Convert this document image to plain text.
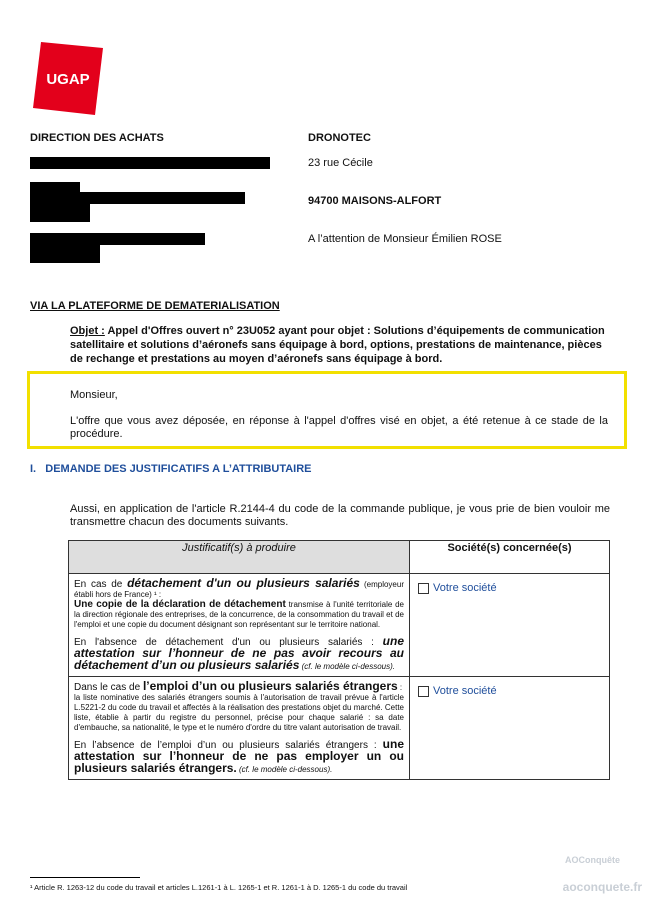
UGAP
DIRECTION DES ACHATS	DRONOTEC
23 rue Cécile
94700 MAISONS-ALFORT
A l’attention de Monsieur Émilien ROSE
VIA LA PLATEFORME DE DEMATERIALISATION
Objet : Appel d'Offres ouvert n° 23U052 ayant pour objet : Solutions d’équipements de communication satellitaire et solutions d’aéronefs sans équipage à bord, options, prestations de maintenance, pièces de rechange et prestations au moyen d’aéronefs sans équipage à bord.
Monsieur,
L'offre que vous avez déposée, en réponse à l'appel d'offres visé en objet, a été retenue à ce stade de la procédure.
I.   DEMANDE DES JUSTIFICATIFS A L’ATTRIBUTAIRE
Aussi, en application de l'article R.2144-4 du code de la commande publique, je vous prie de bien vouloir me transmettre chacun des documents suivants.
Justificatif(s) à produire	Société(s) concernée(s)

En cas de détachement d'un ou plusieurs salariés (employeur établi hors de France) ¹ :
Une copie de la déclaration de détachement transmise à l'unité territoriale de la direction régionale des entreprises, de la concurrence, de la consommation du travail et de l'emploi et une copie du document désignant son représentant sur le territoire national.
En l'absence de détachement d'un ou plusieurs salariés : une attestation sur l’honneur de ne pas avoir recours au détachement d’un ou plusieurs salariés (cf. le modèle ci-dessous).	Votre société

Dans le cas de l’emploi d’un ou plusieurs salariés étrangers :
la liste nominative des salariés étrangers soumis à l'autorisation de travail prévue à l'article L.5221-2 du code du travail et affectés à la réalisation des prestations objet du marché. Cette liste, établie à partir du registre du personnel, précise pour chaque salarié : sa date d'embauche, sa nationalité, le type et le numéro d'ordre du titre valant autorisation de travail.
En l’absence de l’emploi d’un ou plusieurs salariés étrangers : une attestation sur l’honneur de ne pas employer un ou plusieurs salariés étrangers. (cf. le modèle ci-dessous).	Votre société
¹ Article R. 1263-12 du code du travail et articles L.1261-1 à L. 1265-1 et R. 1261-1 à D. 1265-1 du code du travail
AOConquête
aoconquete.fr
